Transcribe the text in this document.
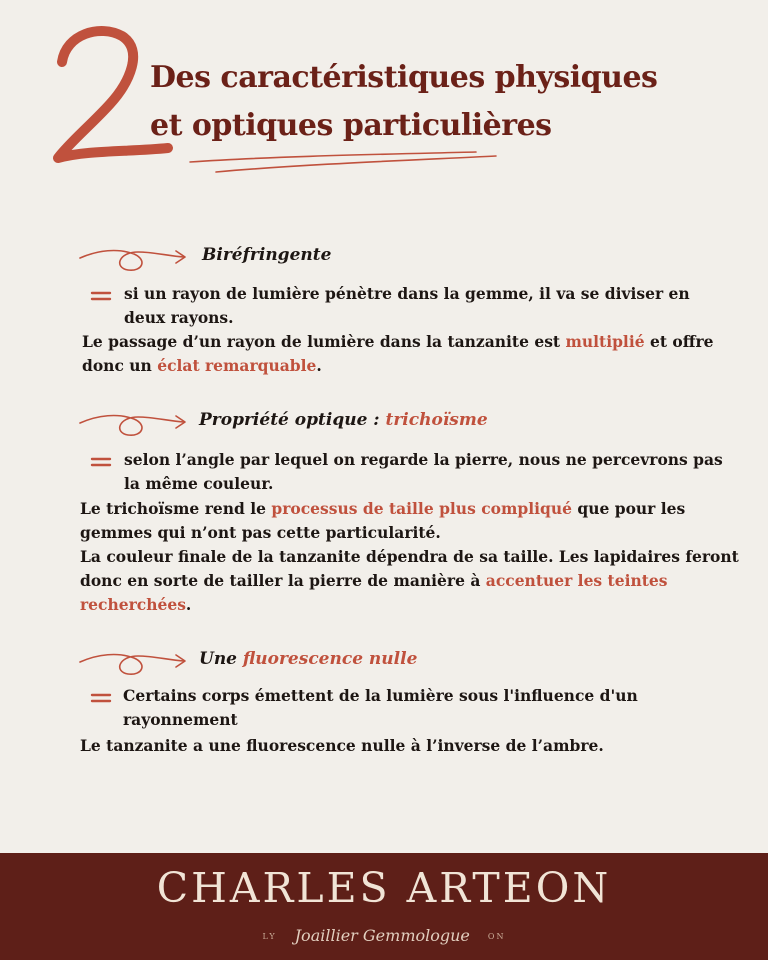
Des caractéristiques physiques
et optiques particulières

Biréfringente

si un rayon de lumière pénètre dans la gemme, il va se diviser en
deux rayons.

Le passage d’un rayon de lumière dans la tanzanite est multiplié et offre
donc un éclat remarquable.

Propriété optique : trichoïsme

selon l’angle par lequel on regarde la pierre, nous ne percevrons pas
la même couleur.

Le trichoïsme rend le processus de taille plus compliqué que pour les
gemmes qui n’ont pas cette particularité.
La couleur finale de la tanzanite dépendra de sa taille. Les lapidaires feront
donc en sorte de tailler la pierre de manière à accentuer les teintes
recherchées.

Une fluorescence nulle

Certains corps émettent de la lumière sous l'influence d'un
rayonnement

Le tanzanite a une fluorescence nulle à l’inverse de l’ambre.

CHARLES ARTEON
LY Joaillier Gemmologue ON
